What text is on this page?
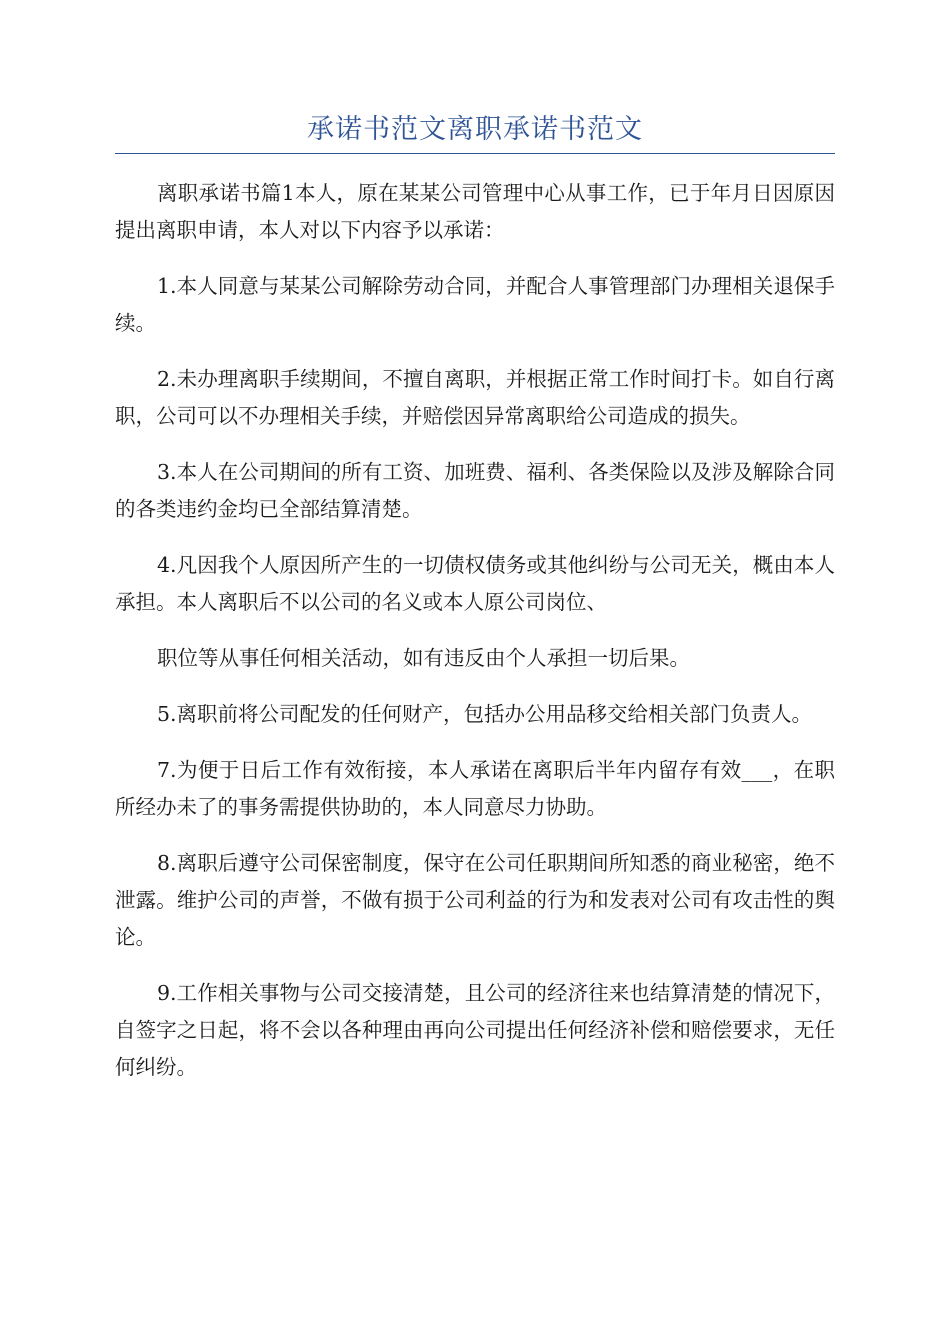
承诺书范文离职承诺书范文

离职承诺书篇1本人，原在某某公司管理中心从事工作，已于年月日因原因提出离职申请，本人对以下内容予以承诺：

1.本人同意与某某公司解除劳动合同，并配合人事管理部门办理相关退保手续。

2.未办理离职手续期间，不擅自离职，并根据正常工作时间打卡。如自行离职，公司可以不办理相关手续，并赔偿因异常离职给公司造成的损失。

3.本人在公司期间的所有工资、加班费、福利、各类保险以及涉及解除合同的各类违约金均已全部结算清楚。

4.凡因我个人原因所产生的一切债权债务或其他纠纷与公司无关，概由本人承担。本人离职后不以公司的名义或本人原公司岗位、

职位等从事任何相关活动，如有违反由个人承担一切后果。

5.离职前将公司配发的任何财产，包括办公用品移交给相关部门负责人。

7.为便于日后工作有效衔接，本人承诺在离职后半年内留存有效___，在职所经办未了的事务需提供协助的，本人同意尽力协助。

8.离职后遵守公司保密制度，保守在公司任职期间所知悉的商业秘密，绝不泄露。维护公司的声誉，不做有损于公司利益的行为和发表对公司有攻击性的舆论。

9.工作相关事物与公司交接清楚，且公司的经济往来也结算清楚的情况下，自签字之日起，将不会以各种理由再向公司提出任何经济补偿和赔偿要求，无任何纠纷。
